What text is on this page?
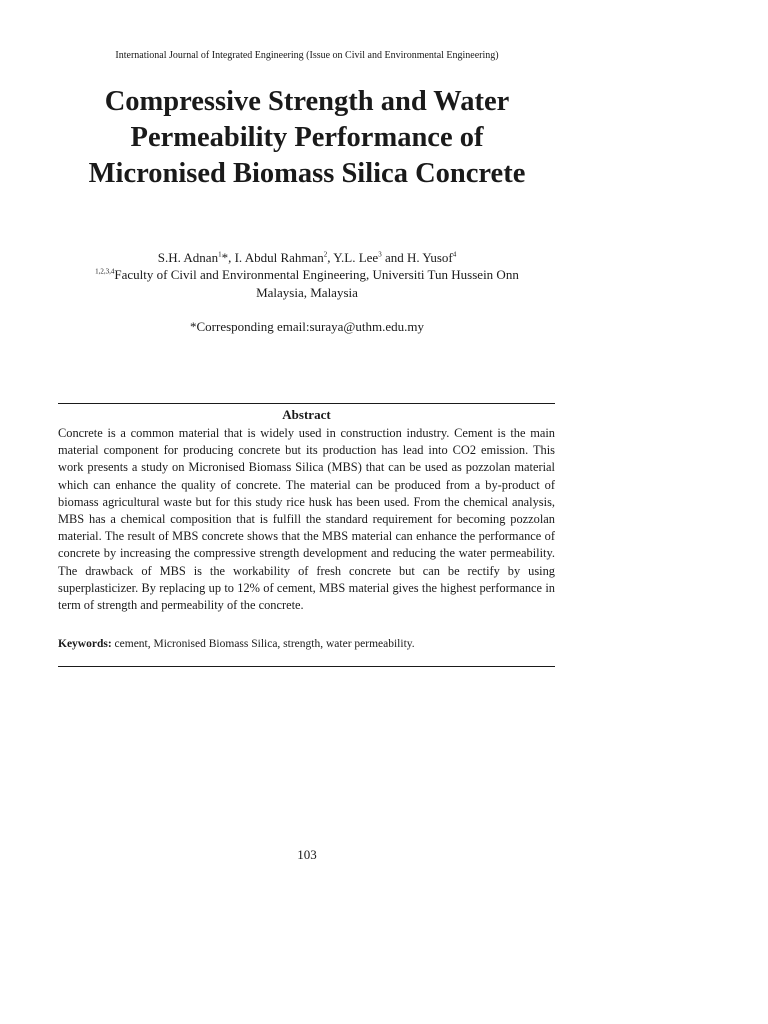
International Journal of Integrated Engineering (Issue on Civil and Environmental Engineering)
Compressive Strength and Water
Permeability Performance of
Micronised Biomass Silica Concrete
S.H. Adnan$^1$*, I. Abdul Rahman$^2$, Y.L. Lee$^3$ and H. Yusof$^4$
$^{1,2,3,4}$Faculty of Civil and Environmental Engineering, Universiti Tun Hussein Onn
Malaysia, Malaysia
*Corresponding email:suraya@uthm.edu.my
Abstract

Concrete is a common material that is widely used in construction industry. Cement is the main material component for producing concrete but its production has lead into CO2 emission. This work presents a study on Micronised Biomass Silica (MBS) that can be used as pozzolan material which can enhance the quality of concrete. The material can be produced from a by-product of biomass agricultural waste but for this study rice husk has been used. From the chemical analysis, MBS has a chemical composition that is fulfill the standard requirement for becoming pozzolan material. The result of MBS concrete shows that the MBS material can enhance the performance of concrete by increasing the compressive strength development and reducing the water permeability. The drawback of MBS is the workability of fresh concrete but can be rectify by using superplasticizer. By replacing up to 12% of cement, MBS material gives the highest performance in term of strength and permeability of the concrete.

Keywords: cement, Micronised Biomass Silica, strength, water permeability.
103
